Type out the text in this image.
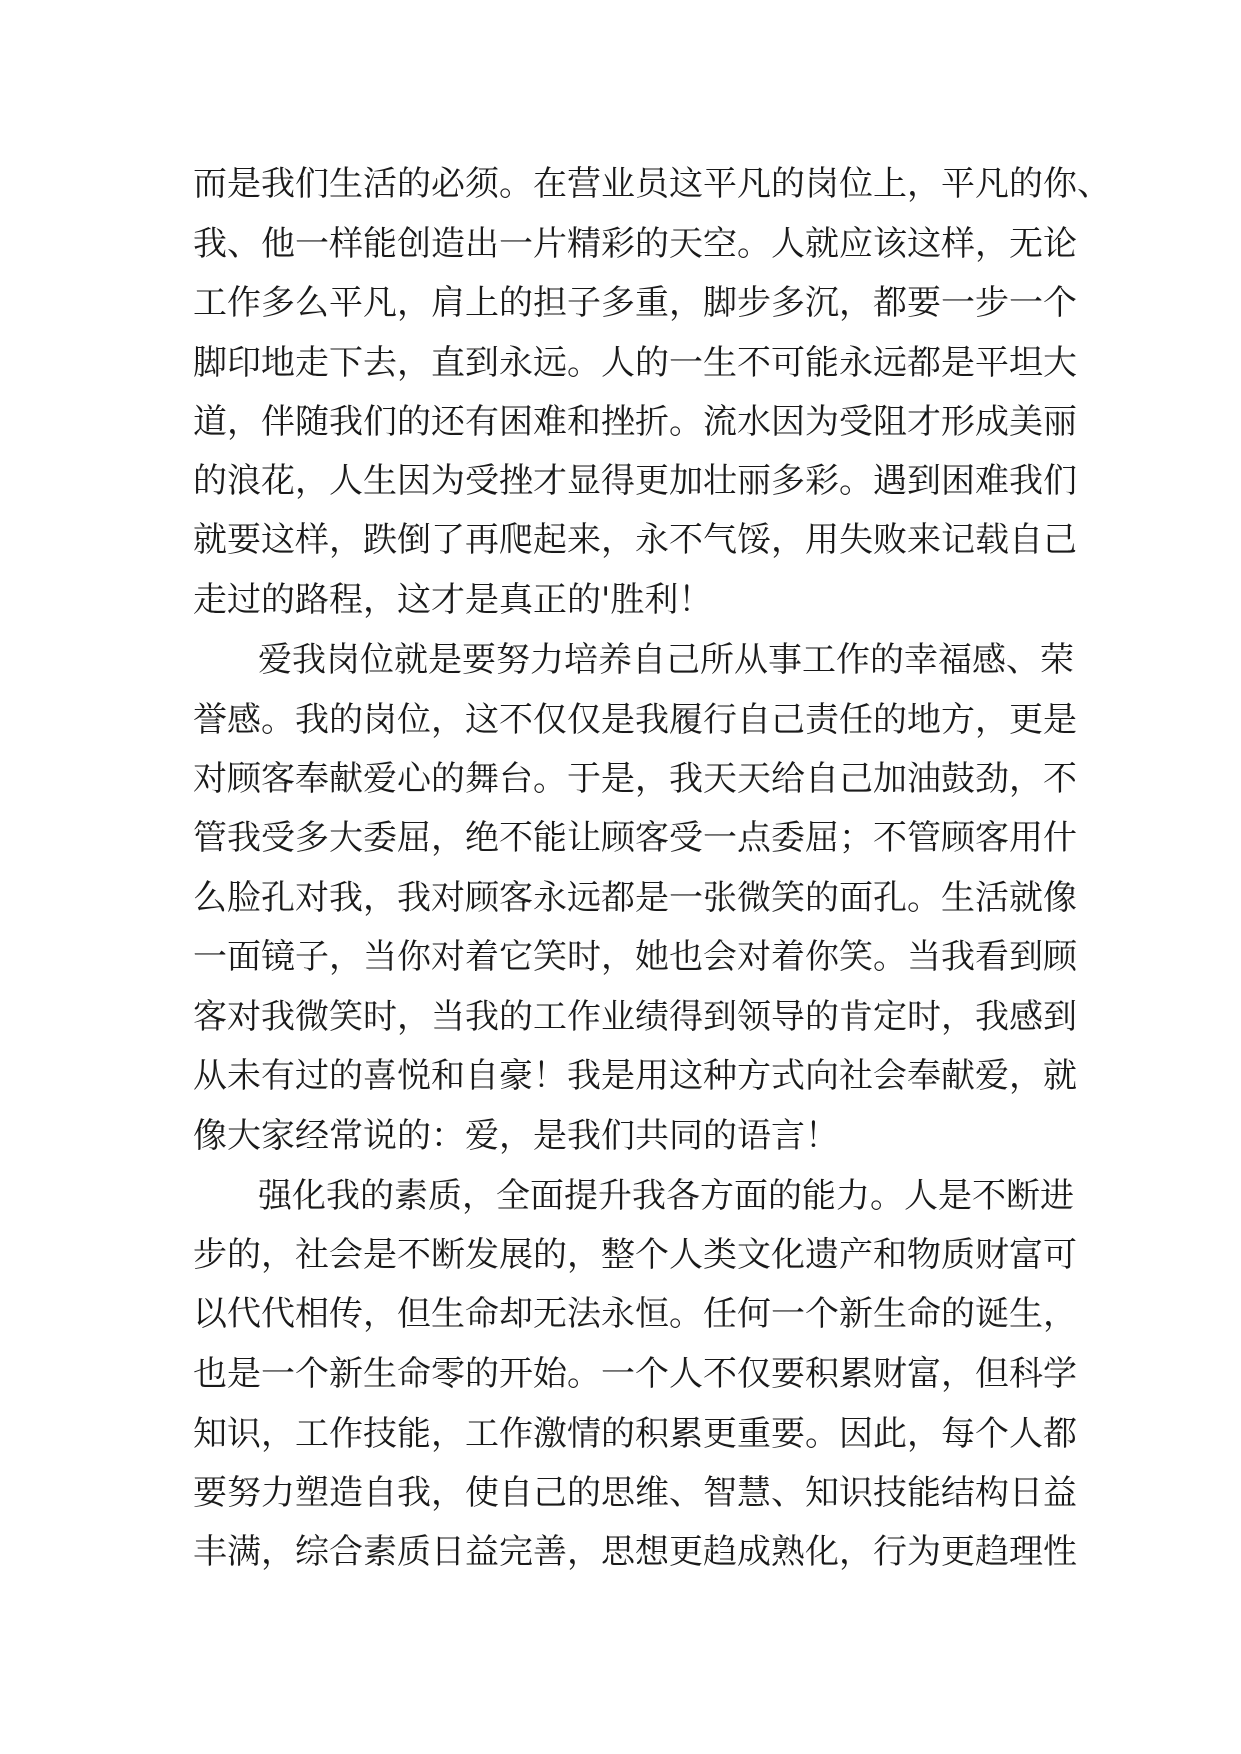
而是我们生活的必须。在营业员这平凡的岗位上，平凡的你、
我、他一样能创造出一片精彩的天空。人就应该这样，无论
工作多么平凡，肩上的担子多重，脚步多沉，都要一步一个
脚印地走下去，直到永远。人的一生不可能永远都是平坦大
道，伴随我们的还有困难和挫折。流水因为受阻才形成美丽
的浪花，人生因为受挫才显得更加壮丽多彩。遇到困难我们
就要这样，跌倒了再爬起来，永不气馁，用失败来记载自己
走过的路程，这才是真正的'胜利！
爱我岗位就是要努力培养自己所从事工作的幸福感、荣
誉感。我的岗位，这不仅仅是我履行自己责任的地方，更是
对顾客奉献爱心的舞台。于是，我天天给自己加油鼓劲，不
管我受多大委屈，绝不能让顾客受一点委屈；不管顾客用什
么脸孔对我，我对顾客永远都是一张微笑的面孔。生活就像
一面镜子，当你对着它笑时，她也会对着你笑。当我看到顾
客对我微笑时，当我的工作业绩得到领导的肯定时，我感到
从未有过的喜悦和自豪！我是用这种方式向社会奉献爱，就
像大家经常说的：爱，是我们共同的语言！
强化我的素质，全面提升我各方面的能力。人是不断进
步的，社会是不断发展的，整个人类文化遗产和物质财富可
以代代相传，但生命却无法永恒。任何一个新生命的诞生，
也是一个新生命零的开始。一个人不仅要积累财富，但科学
知识，工作技能，工作激情的积累更重要。因此，每个人都
要努力塑造自我，使自己的思维、智慧、知识技能结构日益
丰满，综合素质日益完善，思想更趋成熟化，行为更趋理性
